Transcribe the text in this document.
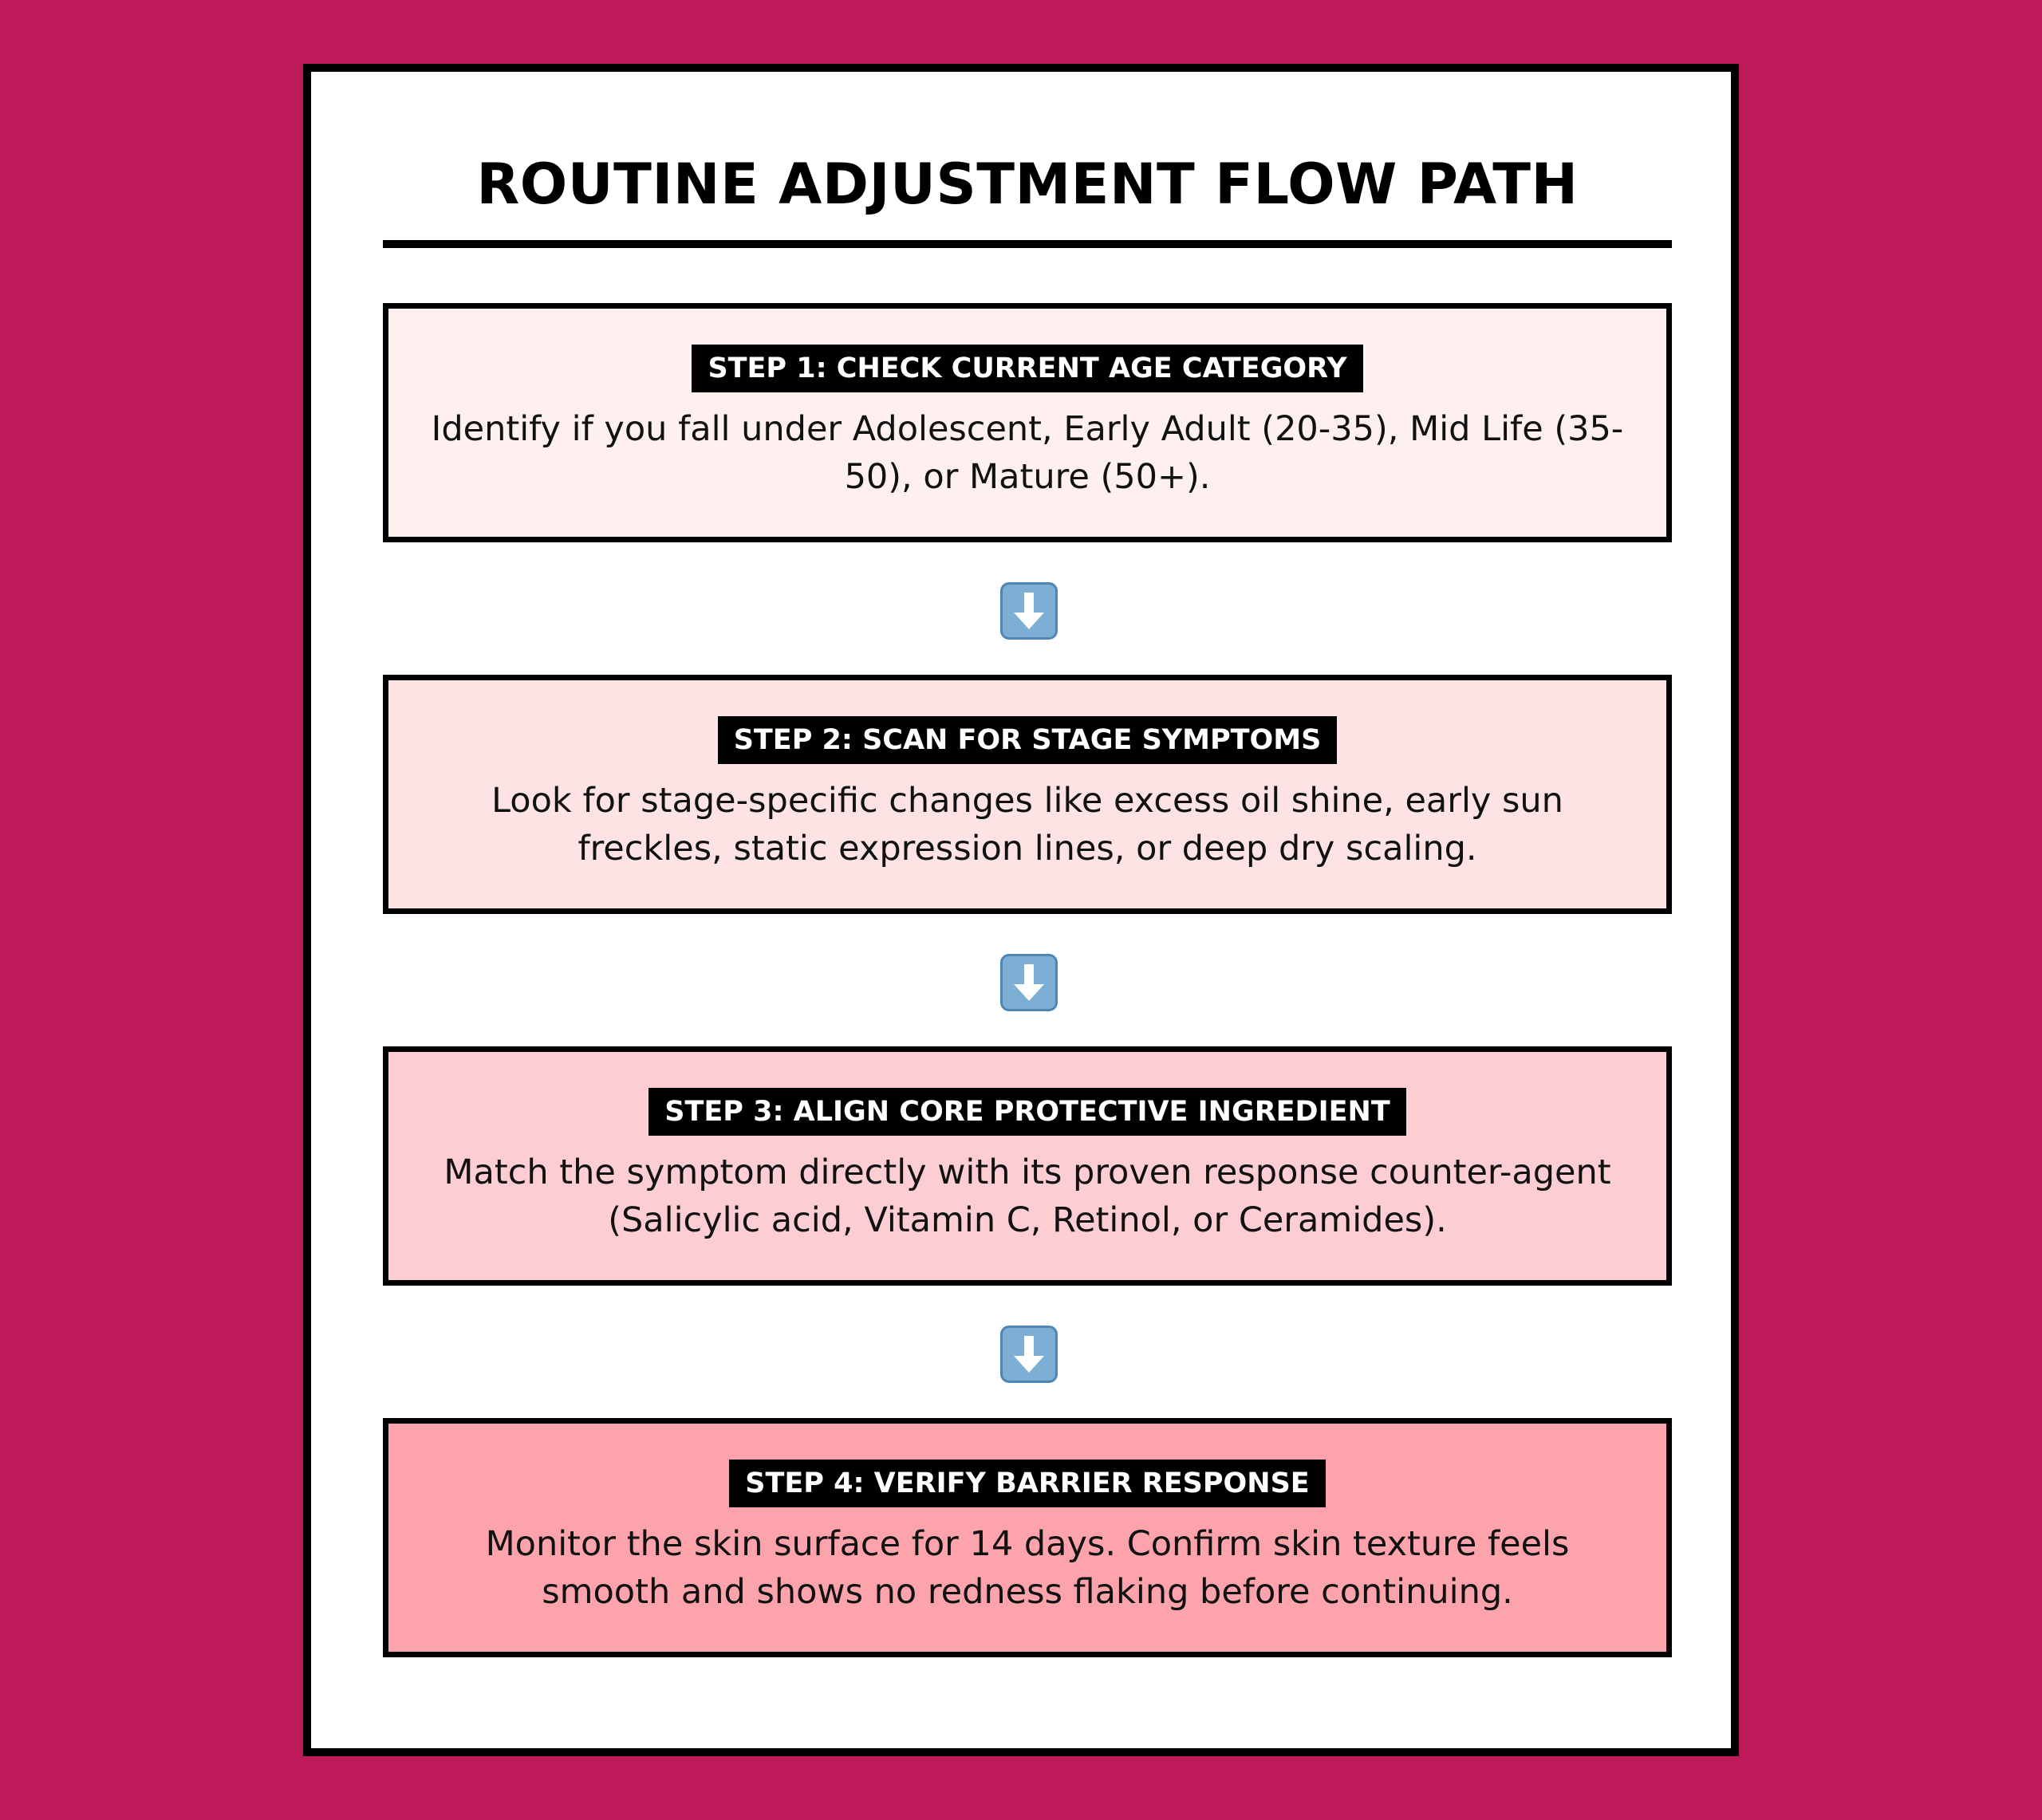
ROUTINE ADJUSTMENT FLOW PATH
STEP 1: CHECK CURRENT AGE CATEGORY
Identify if you fall under Adolescent, Early Adult (20-35), Mid Life (35-50), or Mature (50+).
STEP 2: SCAN FOR STAGE SYMPTOMS
Look for stage-specific changes like excess oil shine, early sun freckles, static expression lines, or deep dry scaling.
STEP 3: ALIGN CORE PROTECTIVE INGREDIENT
Match the symptom directly with its proven response counter-agent (Salicylic acid, Vitamin C, Retinol, or Ceramides).
STEP 4: VERIFY BARRIER RESPONSE
Monitor the skin surface for 14 days. Confirm skin texture feels smooth and shows no redness flaking before continuing.
